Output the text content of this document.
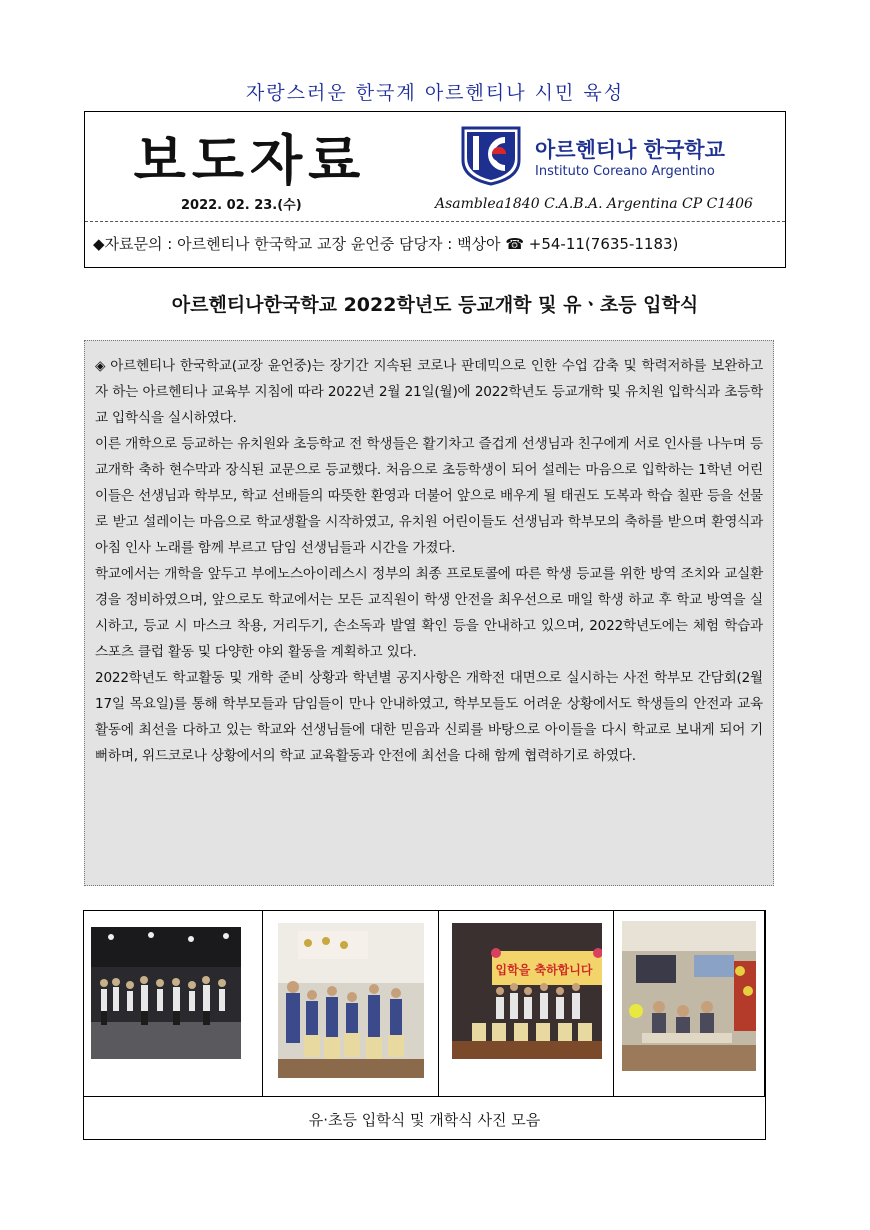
자랑스러운 한국계 아르헨티나 시민 육성
보도자료
2022. 02. 23.(수)
아르헨티나 한국학교
Instituto Coreano Argentino
Asamblea1840 C.A.B.A. Argentina CP C1406
◆자료문의 : 아르헨티나 한국학교 교장 윤언중 담당자 : 백상아 ☎ +54-11(7635-1183)
아르헨티나한국학교 2022학년도 등교개학 및 유ㆍ초등 입학식

◈ 아르헨티나 한국학교(교장 윤언중)는 장기간 지속된 코로나 판데믹으로 인한 수업 감축 및 학력저하를 보완하고자 하는 아르헨티나 교육부 지침에 따라 2022년 2월 21일(월)에 2022학년도 등교개학 및 유치원 입학식과 초등학교 입학식을 실시하였다.

이른 개학으로 등교하는 유치원와 초등학교 전 학생들은 활기차고 즐겁게 선생님과 친구에게 서로 인사를 나누며 등교개학 축하 현수막과 장식된 교문으로 등교했다. 처음으로 초등학생이 되어 설레는 마음으로 입학하는 1학년 어린이들은 선생님과 학부모, 학교 선배들의 따뜻한 환영과 더불어 앞으로 배우게 될 태권도 도복과 학습 칠판 등을 선물로 받고 설레이는 마음으로 학교생활을 시작하였고, 유치원 어린이들도 선생님과 학부모의 축하를 받으며 환영식과 아침 인사 노래를 함께 부르고 담임 선생님들과 시간을 가졌다.

학교에서는 개학을 앞두고 부에노스아이레스시 정부의 최종 프로토콜에 따른 학생 등교를 위한 방역 조치와 교실환경을 정비하였으며, 앞으로도 학교에서는 모든 교직원이 학생 안전을 최우선으로 매일 학생 하교 후 학교 방역을 실시하고, 등교 시 마스크 착용, 거리두기, 손소독과 발열 확인 등을 안내하고 있으며, 2022학년도에는 체험 학습과 스포츠 클럽 활동 및 다양한 야외 활동을 계획하고 있다.

2022학년도 학교활동 및 개학 준비 상황과 학년별 공지사항은 개학전 대면으로 실시하는 사전 학부모 간담회(2월 17일 목요일)를 통해 학부모들과 담임들이 만나 안내하였고, 학부모들도 어려운 상황에서도 학생들의 안전과 교육활동에 최선을 다하고 있는 학교와 선생님들에 대한 믿음과 신뢰를 바탕으로 아이들을 다시 학교로 보내게 되어 기뻐하며, 위드코로나 상황에서의 학교 교육활동과 안전에 최선을 다해 함께 협력하기로 하였다.

입학을 축하합니다
유·초등 입학식 및 개학식 사진 모음
